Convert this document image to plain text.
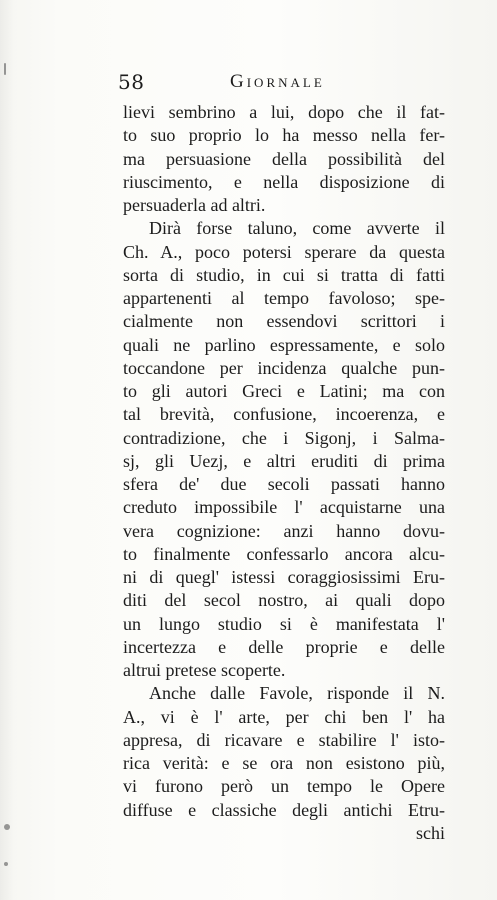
58	Giornale
lievi sembrino a lui, dopo che il fat-
to suo proprio lo ha messo nella fer-
ma persuasione della possibilità del
riuscimento, e nella disposizione di
persuaderla ad altri.
Dirà forse taluno, come avverte il
Ch. A., poco potersi sperare da questa
sorta di studio, in cui si tratta di fatti
appartenenti al tempo favoloso; spe-
cialmente non essendovi scrittori i
quali ne parlino espressamente, e solo
toccandone per incidenza qualche pun-
to gli autori Greci e Latini; ma con
tal brevità, confusione, incoerenza, e
contradizione, che i Sigonj, i Salma-
sj, gli Uezj, e altri eruditi di prima
sfera de' due secoli passati hanno
creduto impossibile l' acquistarne una
vera cognizione: anzi hanno dovu-
to finalmente confessarlo ancora alcu-
ni di quegl' istessi coraggiosissimi Eru-
diti del secol nostro, ai quali dopo
un lungo studio si è manifestata l'
incertezza e delle proprie e delle
altrui pretese scoperte.
Anche dalle Favole, risponde il N.
A., vi è l' arte, per chi ben l' ha
appresa, di ricavare e stabilire l' isto-
rica verità: e se ora non esistono più,
vi furono però un tempo le Opere
diffuse e classiche degli antichi Etru-
schi
